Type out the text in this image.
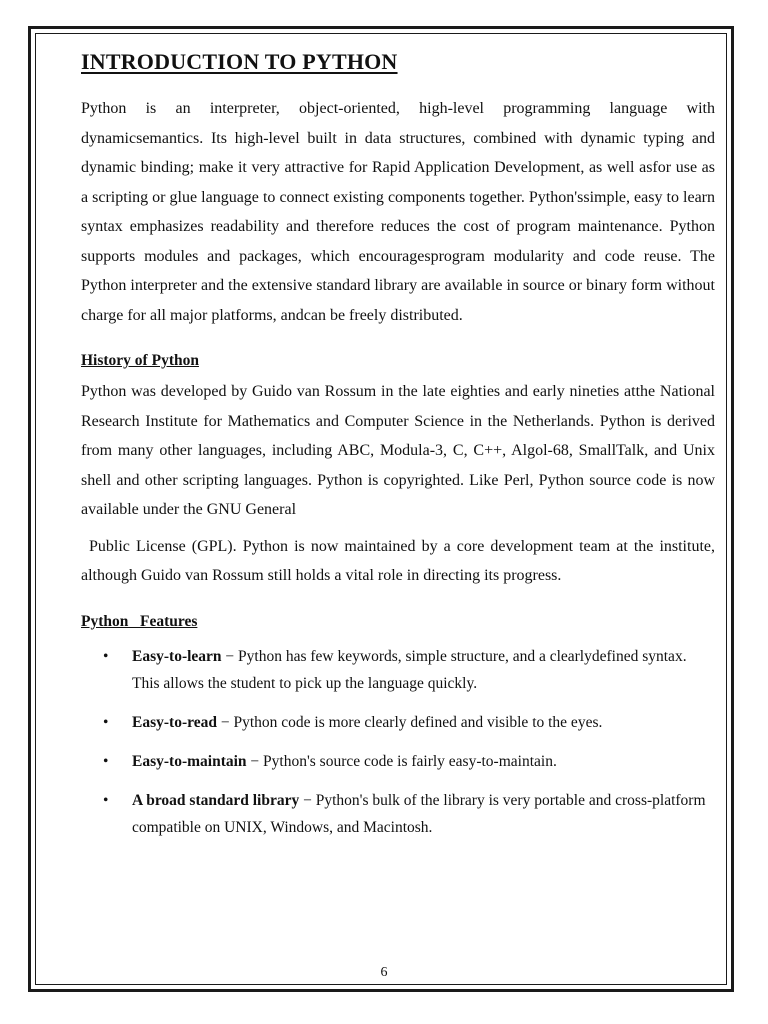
INTRODUCTION TO PYTHON

Python is an interpreter, object-oriented, high-level programming language with dynamicsemantics. Its high-level built in data structures, combined with dynamic typing and dynamic binding; make it very attractive for Rapid Application Development, as well asfor use as a scripting or glue language to connect existing components together. Python'ssimple, easy to learn syntax emphasizes readability and therefore reduces the cost of program maintenance. Python supports modules and packages, which encouragesprogram modularity and code reuse. The Python interpreter and the extensive standard library are available in source or binary form without charge for all major platforms, andcan be freely distributed.

History of Python

Python was developed by Guido van Rossum in the late eighties and early nineties atthe National Research Institute for Mathematics and Computer Science in the Netherlands. Python is derived from many other languages, including ABC, Modula-3, C, C++, Algol-68, SmallTalk, and Unix shell and other scripting languages. Python is copyrighted. Like Perl, Python source code is now available under the GNU General

Public License (GPL). Python is now maintained by a core development team at the institute, although Guido van Rossum still holds a vital role in directing its progress.

Python   Features
• Easy-to-learn − Python has few keywords, simple structure, and a clearlydefined syntax. This allows the student to pick up the language quickly.
• Easy-to-read − Python code is more clearly defined and visible to the eyes.
• Easy-to-maintain − Python's source code is fairly easy-to-maintain.
• A broad standard library − Python's bulk of the library is very portable and cross-platform compatible on UNIX, Windows, and Macintosh.
6
